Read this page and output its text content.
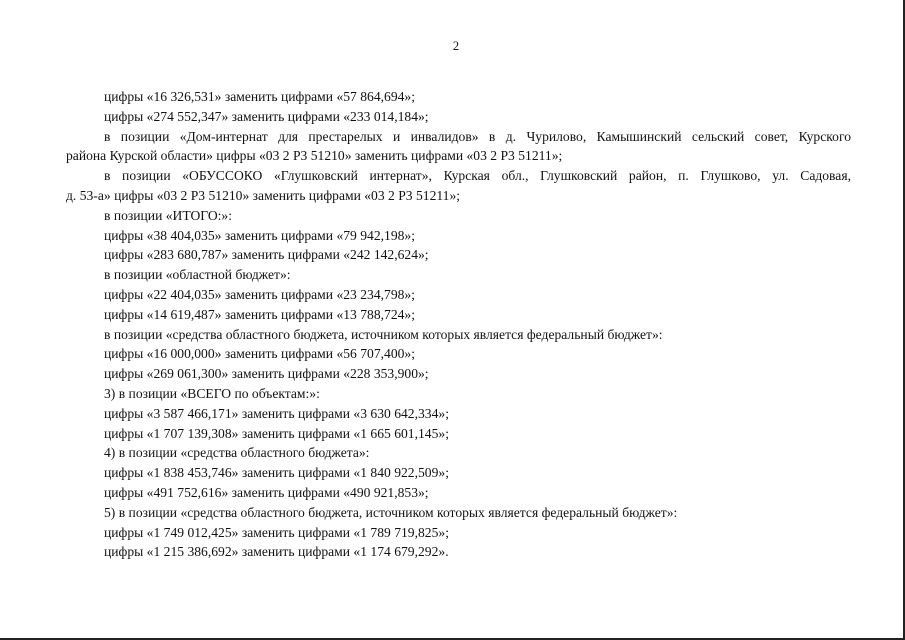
2
цифры «16 326,531» заменить цифрами «57 864,694»;
цифры «274 552,347» заменить цифрами «233 014,184»;
в позиции «Дом-интернат для престарелых и инвалидов» в д. Чурилово, Камышинский сельский совет, Курского
района Курской области» цифры «03 2 Р3 51210» заменить цифрами «03 2 Р3 51211»;
в позиции «ОБУССОКО «Глушковский интернат», Курская обл., Глушковский район, п. Глушково, ул. Садовая,
д. 53-а» цифры «03 2 Р3 51210» заменить цифрами «03 2 Р3 51211»;
в позиции «ИТОГО:»:
цифры «38 404,035» заменить цифрами «79 942,198»;
цифры «283 680,787» заменить цифрами «242 142,624»;
в позиции «областной бюджет»:
цифры «22 404,035» заменить цифрами «23 234,798»;
цифры «14 619,487» заменить цифрами «13 788,724»;
в позиции «средства областного бюджета, источником которых является федеральный бюджет»:
цифры «16 000,000» заменить цифрами «56 707,400»;
цифры «269 061,300» заменить цифрами «228 353,900»;
3) в позиции «ВСЕГО по объектам:»:
цифры «3 587 466,171» заменить цифрами «3 630 642,334»;
цифры «1 707 139,308» заменить цифрами «1 665 601,145»;
4) в позиции «средства областного бюджета»:
цифры «1 838 453,746» заменить цифрами «1 840 922,509»;
цифры «491 752,616» заменить цифрами «490 921,853»;
5) в позиции «средства областного бюджета, источником которых является федеральный бюджет»:
цифры «1 749 012,425» заменить цифрами «1 789 719,825»;
цифры «1 215 386,692» заменить цифрами «1 174 679,292».
